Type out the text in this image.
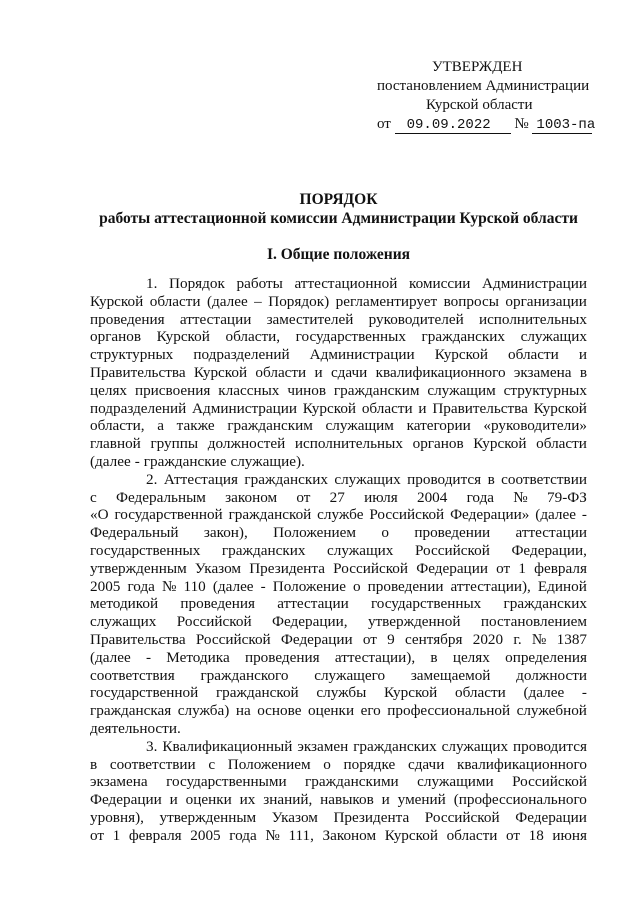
УТВЕРЖДЕН
постановлением Администрации
Курской области
от 09.09.2022 № 1003-па
ПОРЯДОК
работы аттестационной комиссии Администрации Курской области
I. Общие положения
1. Порядок работы аттестационной комиссии Администрации
Курской области (далее – Порядок) регламентирует вопросы организации
проведения аттестации заместителей руководителей исполнительных
органов Курской области, государственных гражданских служащих
структурных подразделений Администрации Курской области и
Правительства Курской области и сдачи квалификационного экзамена в
целях присвоения классных чинов гражданским служащим структурных
подразделений Администрации Курской области и Правительства Курской
области, а также гражданским служащим категории «руководители»
главной группы должностей исполнительных органов Курской области
(далее - гражданские служащие).
2. Аттестация гражданских служащих проводится в соответствии
с Федеральным законом от 27 июля 2004 года № 79-ФЗ
«О государственной гражданской службе Российской Федерации» (далее -
Федеральный закон), Положением о проведении аттестации
государственных гражданских служащих Российской Федерации,
утвержденным Указом Президента Российской Федерации от 1 февраля
2005 года № 110 (далее - Положение о проведении аттестации), Единой
методикой проведения аттестации государственных гражданских
служащих Российской Федерации, утвержденной постановлением
Правительства Российской Федерации от 9 сентября 2020 г. № 1387
(далее - Методика проведения аттестации), в целях определения
соответствия гражданского служащего замещаемой должности
государственной гражданской службы Курской области (далее -
гражданская служба) на основе оценки его профессиональной служебной
деятельности.
3. Квалификационный экзамен гражданских служащих проводится
в соответствии с Положением о порядке сдачи квалификационного
экзамена государственными гражданскими служащими Российской
Федерации и оценки их знаний, навыков и умений (профессионального
уровня), утвержденным Указом Президента Российской Федерации
от 1 февраля 2005 года № 111, Законом Курской области от 18 июня
